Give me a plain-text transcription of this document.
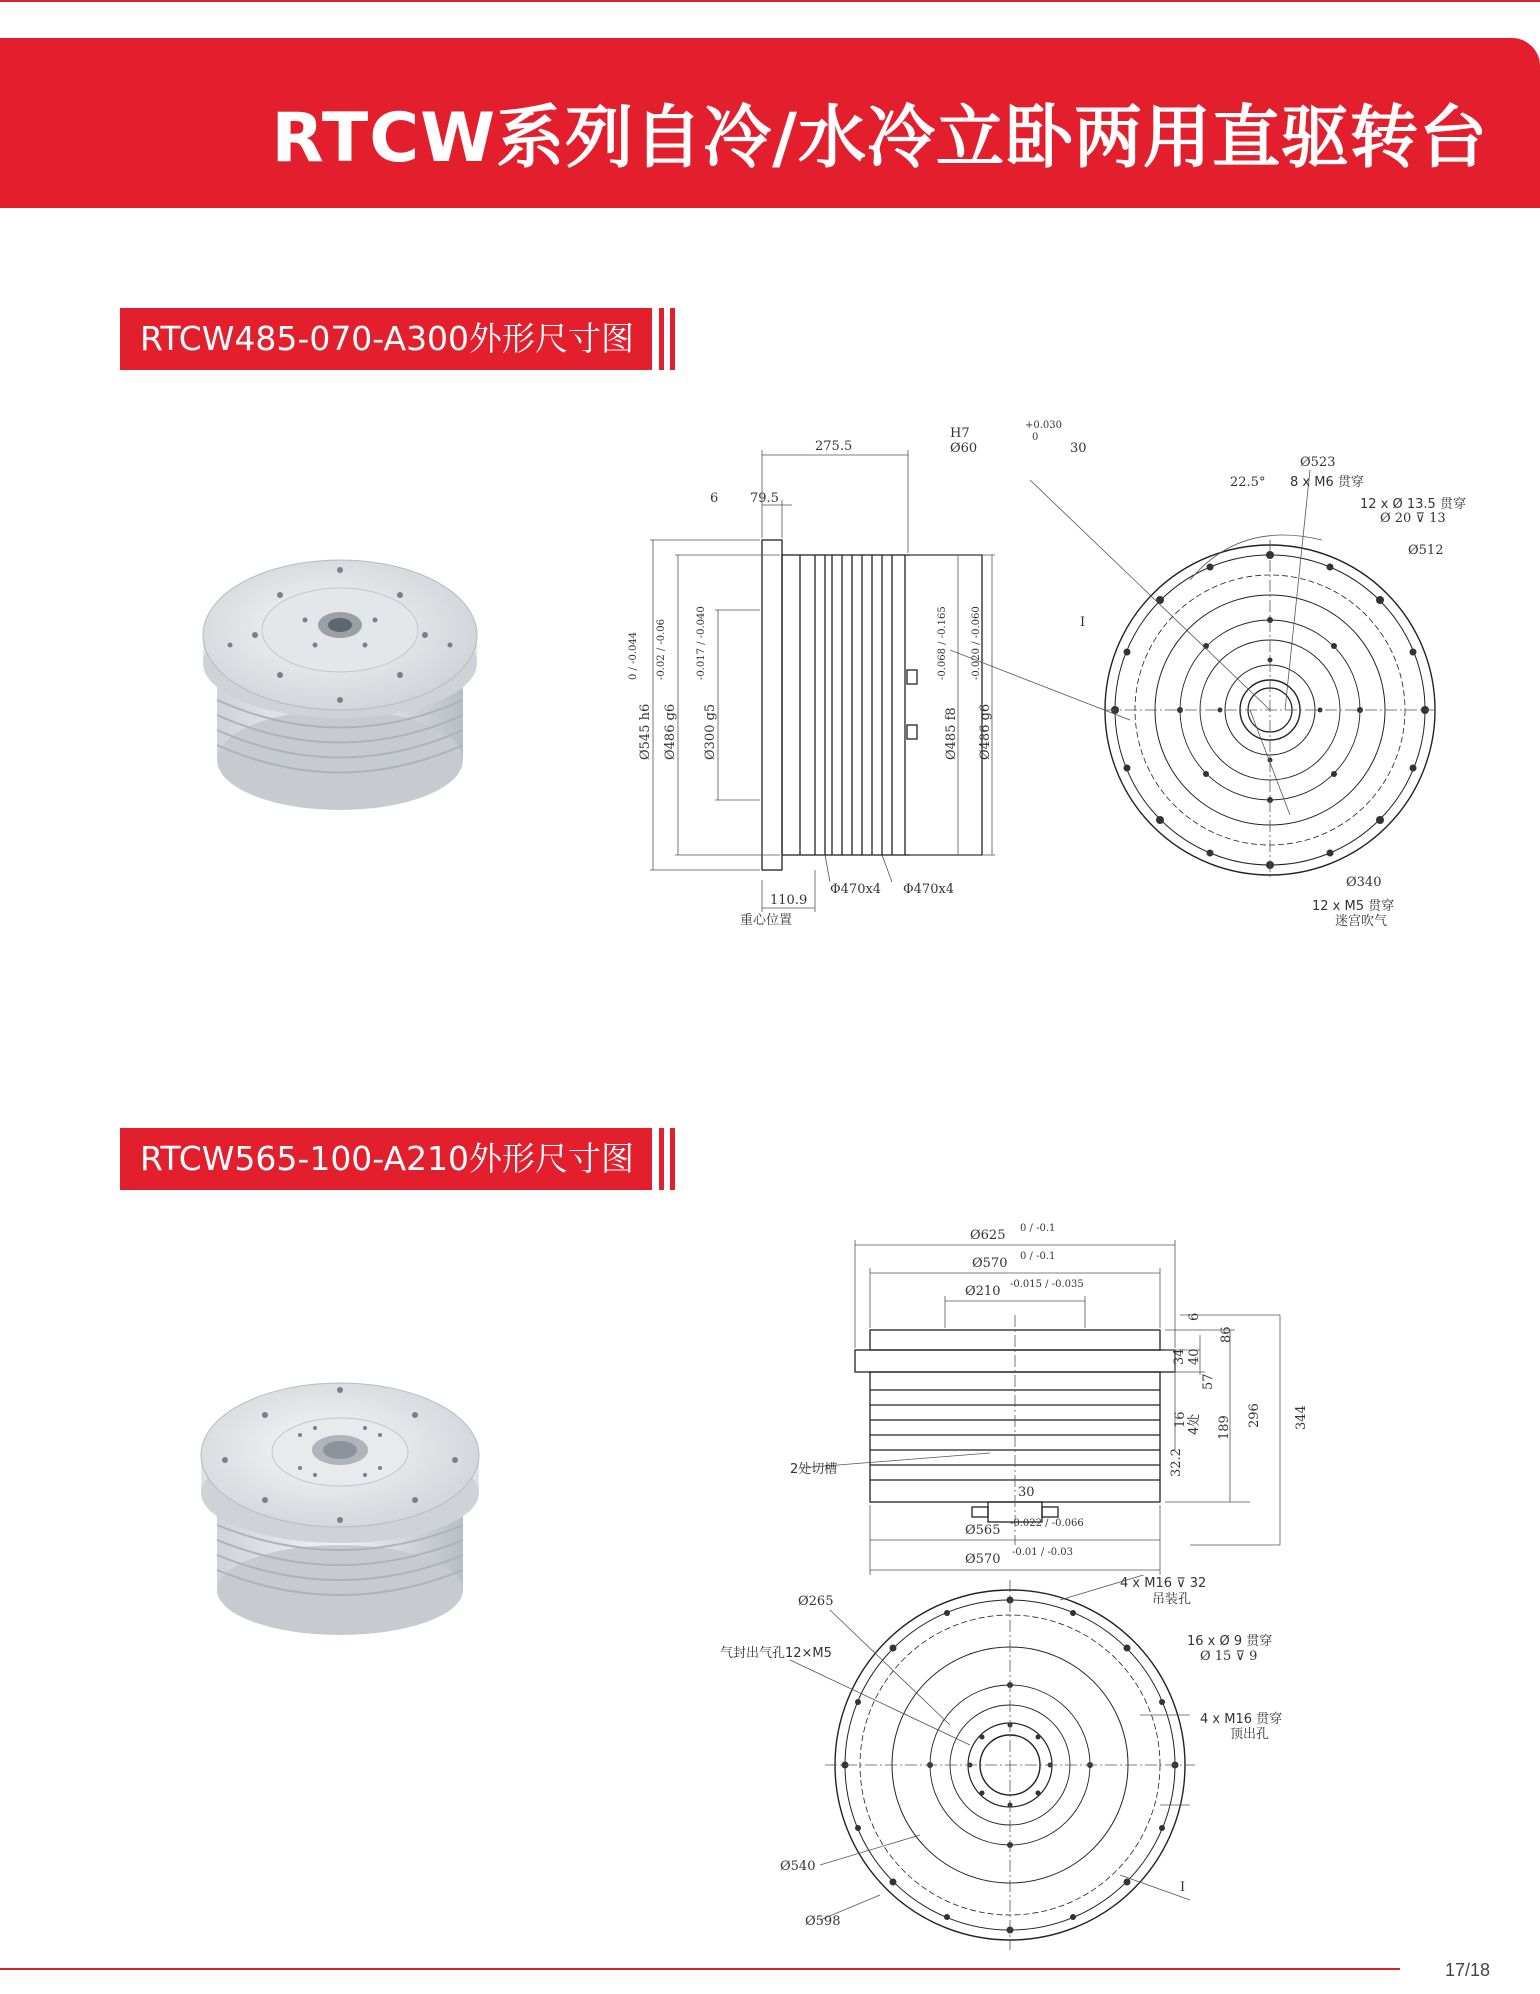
RTCW系列自冷/水冷立卧两用直驱转台
RTCW485-070-A300外形尺寸图
275.5
6 79.5
Ø545 h6
0 / -0.044
Ø486 g6
-0.02 / -0.06
Ø300 g5
-0.017 / -0.040
Ø485 f8
-0.068 / -0.165
Ø486 g6
-0.020 / -0.060
Φ470x4 Φ470x4
110.9
重心位置
H7
+0.030
0
Ø60	30
Ø523
22.5° 8 x M6 贯穿
12 x Ø 13.5 贯穿
Ø 20 ⊽ 13
Ø512
I
Ø340
12 x M5 贯穿
迷宫吹气
RTCW565-100-A210外形尺寸图
Ø625 0 / -0.1
Ø570 0 / -0.1
Ø210 -0.015 / -0.035
6
86
34 40
57
296 344
16 4处 189
32.2
30
2处切槽
Ø565 -0.022 / -0.066
Ø570 -0.01 / -0.03
Ø265
4 x M16 ⊽ 32
吊装孔
气封出气孔12×M5
16 x Ø 9 贯穿
Ø 15 ⊽ 9
4 x M16 贯穿
顶出孔
Ø540
I
Ø598
17/18
